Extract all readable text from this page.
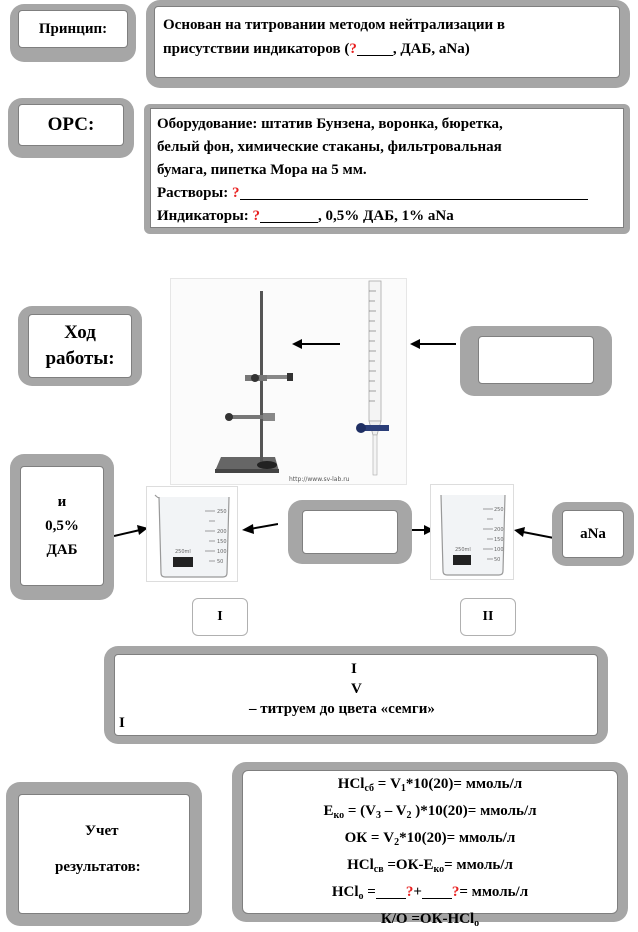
Принцип:	Основан на титровании методом нейтрализации в
присутствии индикаторов (? , ДАБ, aNa)
ОРС:	Оборудование: штатив Бунзена, воронка, бюретка,
белый фон, химические стаканы, фильтровальная
бумага, пипетка Мора на 5 мм.
Растворы: ?
Индикаторы: ?	, 0,5% ДАБ, 1% aNa
Ход
работы:
http://www.sv-lab.ru
и
0,5%
ДАБ
250
200
150
100
50
250ml
250
200
150
100
50
250ml
aNa
I	II
I
V
– титруем до цвета «семги»
I
Учет
результатов:
$HCl_{сб} = V_1*10(20)=$ ммоль/л
$E_{ко} = (V_3 - V_2$ )*10(20)= ммоль/л
ОК = $V_2*10(20)=$ ммоль/л
$HCl_{св} =ОК-E_{ко}=$ ммоль/л
HCl$_о$ = ?+ ?= ммоль/л
К/О =ОК-HCl$_о$
